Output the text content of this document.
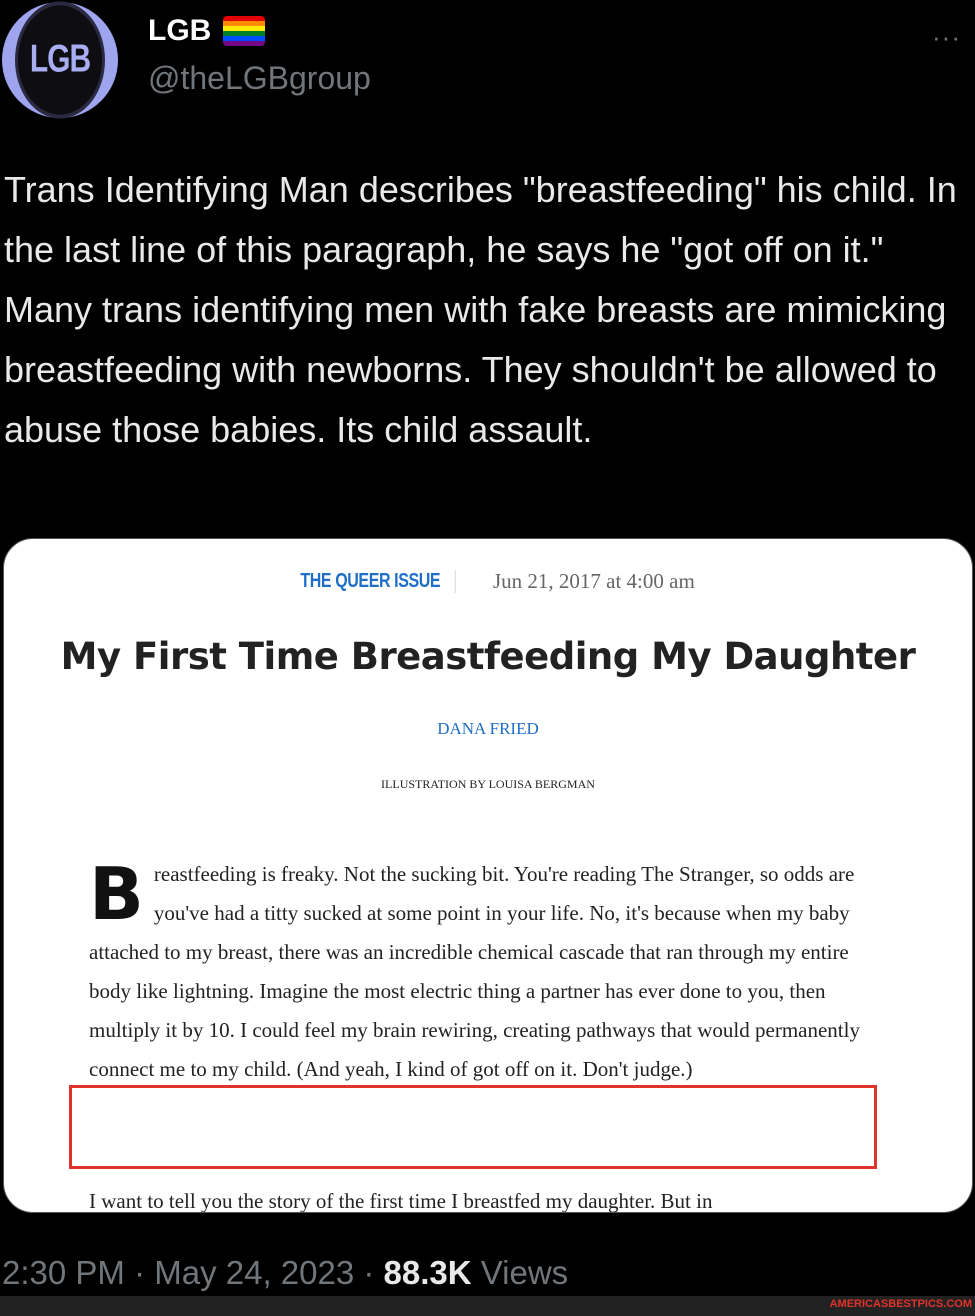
LGB
LGB
@theLGBgroup
···
Trans Identifying Man describes "breastfeeding" his child. In the last line of this paragraph, he says he "got off on it." Many trans identifying men with fake breasts are mimicking breastfeeding with newborns. They shouldn't be allowed to abuse those babies. Its child assault.
THE QUEER ISSUE	Jun 21, 2017 at 4:00 am
My First Time Breastfeeding My Daughter
DANA FRIED
ILLUSTRATION BY LOUISA BERGMAN
Breastfeeding is freaky. Not the sucking bit. You're reading The Stranger, so odds are you've had a titty sucked at some point in your life. No, it's because when my baby attached to my breast, there was an incredible chemical cascade that ran through my entire body like lightning. Imagine the most electric thing a partner has ever done to you, then multiply it by 10. I could feel my brain rewiring, creating pathways that would permanently connect me to my child. (And yeah, I kind of got off on it. Don't judge.)
I want to tell you the story of the first time I breastfed my daughter. But in
2:30 PM · May 24, 2023 · 88.3K Views
AMERICASBESTPICS.COM
